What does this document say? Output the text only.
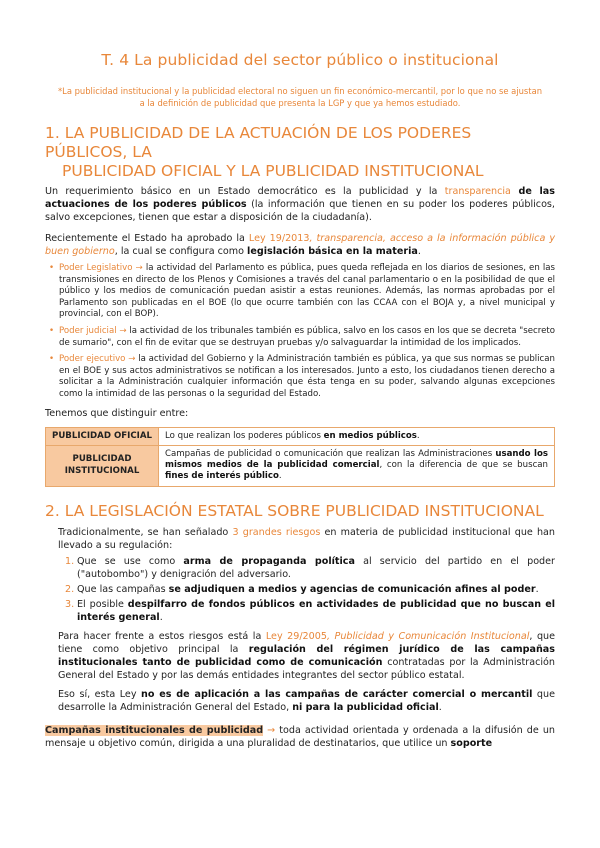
T. 4 La publicidad del sector público o institucional

*La publicidad institucional y la publicidad electoral no siguen un fin económico-mercantil, por lo que no se ajustan a la definición de publicidad que presenta la LGP y que ya hemos estudiado.

1. LA PUBLICIDAD DE LA ACTUACIÓN DE LOS PODERES PÚBLICOS, LA
PUBLICIDAD OFICIAL Y LA PUBLICIDAD INSTITUCIONAL

Un requerimiento básico en un Estado democrático es la publicidad y la transparencia de las actuaciones de los poderes públicos (la información que tienen en su poder los poderes públicos, salvo excepciones, tienen que estar a disposición de la ciudadanía).

Recientemente el Estado ha aprobado la Ley 19/2013, transparencia, acceso a la información pública y buen gobierno, la cual se configura como legislación básica en la materia.

• Poder Legislativo → la actividad del Parlamento es pública, pues queda reflejada en los diarios de sesiones, en las transmisiones en directo de los Plenos y Comisiones a través del canal parlamentario o en la posibilidad de que el público y los medios de comunicación puedan asistir a estas reuniones. Además, las normas aprobadas por el Parlamento son publicadas en el BOE (lo que ocurre también con las CCAA con el BOJA y, a nivel municipal y provincial, con el BOP).
• Poder judicial → la actividad de los tribunales también es pública, salvo en los casos en los que se decreta "secreto de sumario", con el fin de evitar que se destruyan pruebas y/o salvaguardar la intimidad de los implicados.
• Poder ejecutivo → la actividad del Gobierno y la Administración también es pública, ya que sus normas se publican en el BOE y sus actos administrativos se notifican a los interesados. Junto a esto, los ciudadanos tienen derecho a solicitar a la Administración cualquier información que ésta tenga en su poder, salvando algunas excepciones como la intimidad de las personas o la seguridad del Estado.

Tenemos que distinguir entre:

PUBLICIDAD OFICIAL	Lo que realizan los poderes públicos en medios públicos.
PUBLICIDAD INSTITUCIONAL	Campañas de publicidad o comunicación que realizan las Administraciones usando los mismos medios de la publicidad comercial, con la diferencia de que se buscan fines de interés público.
2. LA LEGISLACIÓN ESTATAL SOBRE PUBLICIDAD INSTITUCIONAL

Tradicionalmente, se han señalado 3 grandes riesgos en materia de publicidad institucional que han llevado a su regulación:

1. Que se use como arma de propaganda política al servicio del partido en el poder ("autobombo") y denigración del adversario.
2. Que las campañas se adjudiquen a medios y agencias de comunicación afines al poder.
3. El posible despilfarro de fondos públicos en actividades de publicidad que no buscan el interés general.

Para hacer frente a estos riesgos está la Ley 29/2005, Publicidad y Comunicación Institucional, que tiene como objetivo principal la regulación del régimen jurídico de las campañas institucionales tanto de publicidad como de comunicación contratadas por la Administración General del Estado y por las demás entidades integrantes del sector público estatal.

Eso sí, esta Ley no es de aplicación a las campañas de carácter comercial o mercantil que desarrolle la Administración General del Estado, ni para la publicidad oficial.

Campañas institucionales de publicidad → toda actividad orientada y ordenada a la difusión de un mensaje u objetivo común, dirigida a una pluralidad de destinatarios, que utilice un soporte
